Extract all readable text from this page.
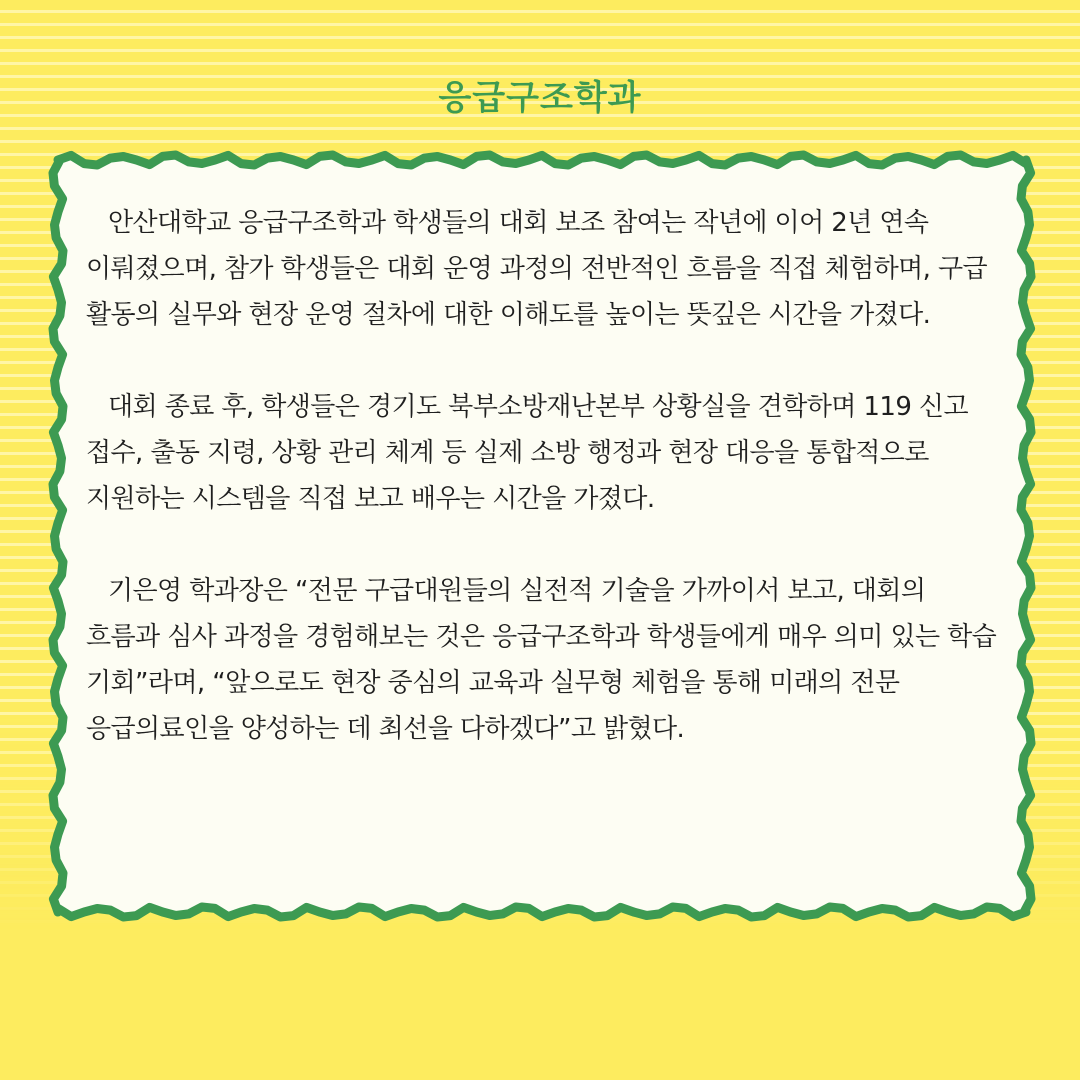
응급구조학과

안산대학교 응급구조학과 학생들의 대회 보조 참여는 작년에 이어 2년 연속 이뤄졌으며, 참가 학생들은 대회 운영 과정의 전반적인 흐름을 직접 체험하며, 구급 활동의 실무와 현장 운영 절차에 대한 이해도를 높이는 뜻깊은 시간을 가졌다.

대회 종료 후, 학생들은 경기도 북부소방재난본부 상황실을 견학하며 119 신고 접수, 출동 지령, 상황 관리 체계 등 실제 소방 행정과 현장 대응을 통합적으로 지원하는 시스템을 직접 보고 배우는 시간을 가졌다.

기은영 학과장은 “전문 구급대원들의 실전적 기술을 가까이서 보고, 대회의 흐름과 심사 과정을 경험해보는 것은 응급구조학과 학생들에게 매우 의미 있는 학습 기회”라며, “앞으로도 현장 중심의 교육과 실무형 체험을 통해 미래의 전문 응급의료인을 양성하는 데 최선을 다하겠다”고 밝혔다.
